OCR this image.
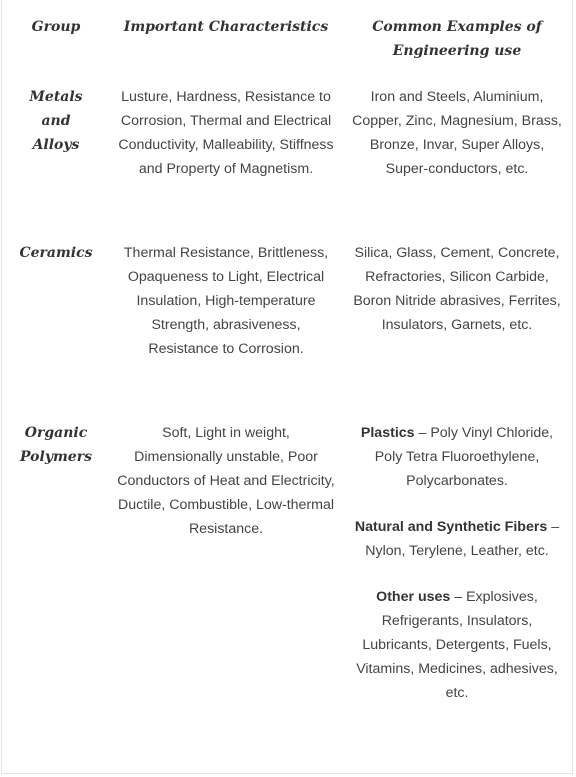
Group	Important Characteristics	Common Examples of Engineering use
Metals and Alloys	Lusture, Hardness, Resistance to Corrosion, Thermal and Electrical Conductivity, Malleability, Stiffness and Property of Magnetism.	Iron and Steels, Aluminium, Copper, Zinc, Magnesium, Brass, Bronze, Invar, Super Alloys, Super-conductors, etc.
Ceramics	Thermal Resistance, Brittleness, Opaqueness to Light, Electrical Insulation, High-temperature Strength, abrasiveness, Resistance to Corrosion.	Silica, Glass, Cement, Concrete, Refractories, Silicon Carbide, Boron Nitride abrasives, Ferrites, Insulators, Garnets, etc.
Organic Polymers	Soft, Light in weight, Dimensionally unstable, Poor Conductors of Heat and Electricity, Ductile, Combustible, Low-thermal Resistance.	Plastics – Poly Vinyl Chloride, Poly Tetra Fluoroethylene, Polycarbonates.
Natural and Synthetic Fibers – Nylon, Terylene, Leather, etc.
Other uses – Explosives, Refrigerants, Insulators, Lubricants, Detergents, Fuels, Vitamins, Medicines, adhesives, etc.
